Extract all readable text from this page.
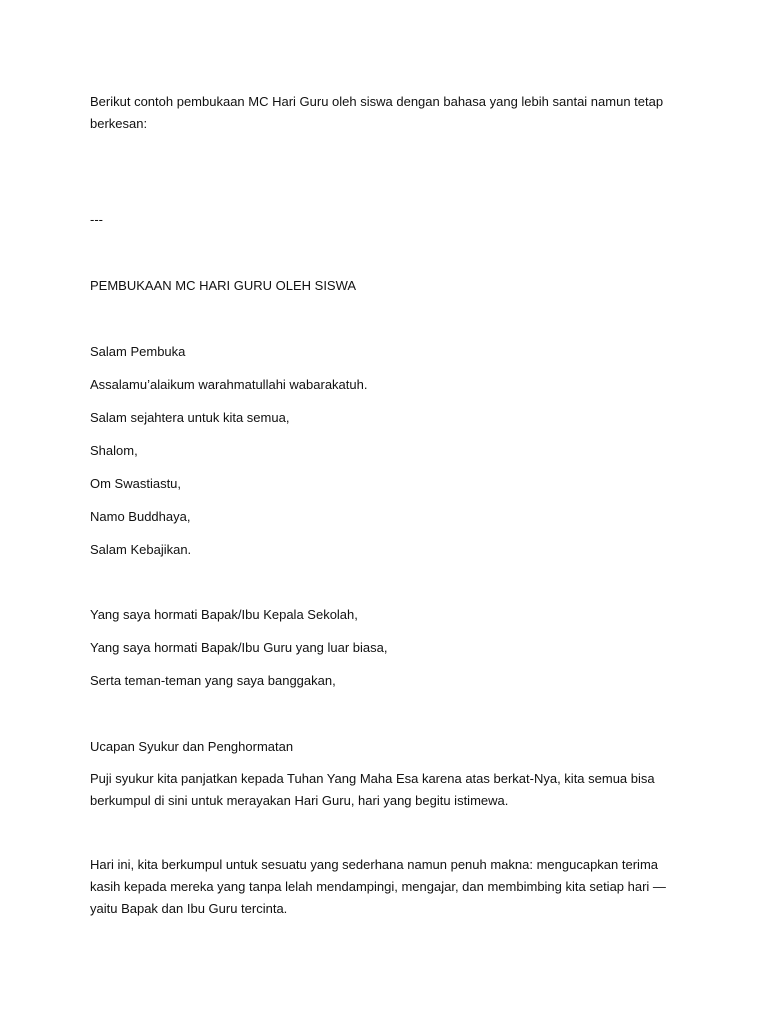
Berikut contoh pembukaan MC Hari Guru oleh siswa dengan bahasa yang lebih santai namun tetap berkesan:
---
PEMBUKAAN MC HARI GURU OLEH SISWA
Salam Pembuka
Assalamu’alaikum warahmatullahi wabarakatuh.
Salam sejahtera untuk kita semua,
Shalom,
Om Swastiastu,
Namo Buddhaya,
Salam Kebajikan.
Yang saya hormati Bapak/Ibu Kepala Sekolah,
Yang saya hormati Bapak/Ibu Guru yang luar biasa,
Serta teman-teman yang saya banggakan,
Ucapan Syukur dan Penghormatan
Puji syukur kita panjatkan kepada Tuhan Yang Maha Esa karena atas berkat-Nya, kita semua bisa berkumpul di sini untuk merayakan Hari Guru, hari yang begitu istimewa.
Hari ini, kita berkumpul untuk sesuatu yang sederhana namun penuh makna: mengucapkan terima kasih kepada mereka yang tanpa lelah mendampingi, mengajar, dan membimbing kita setiap hari — yaitu Bapak dan Ibu Guru tercinta.
